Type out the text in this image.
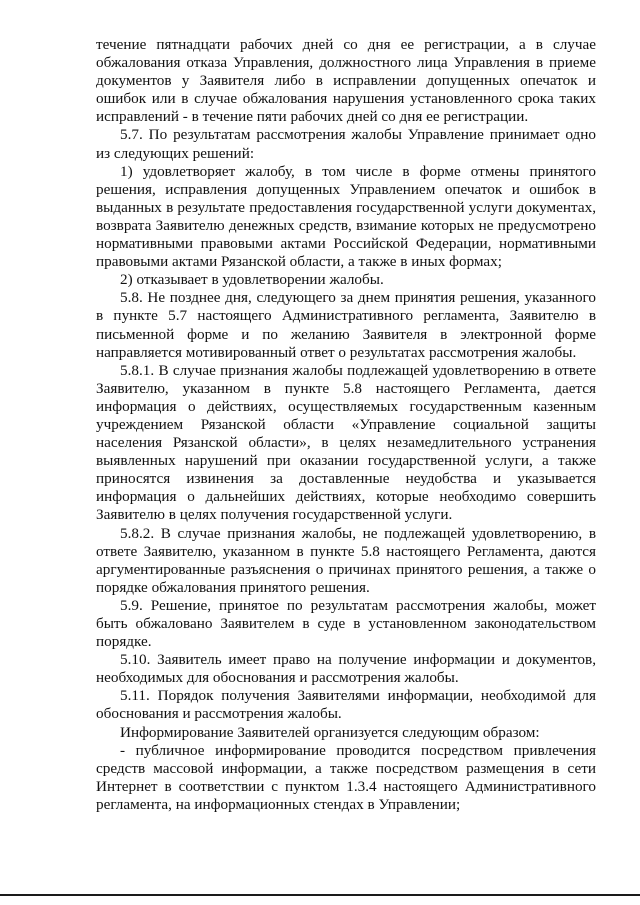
течение пятнадцати рабочих дней со дня ее регистрации, а в случае обжалования отказа Управления, должностного лица Управления в приеме документов у Заявителя либо в исправлении допущенных опечаток и ошибок или в случае обжалования нарушения установленного срока таких исправлений - в течение пяти рабочих дней со дня ее регистрации.

5.7. По результатам рассмотрения жалобы Управление принимает одно из следующих решений:

1) удовлетворяет жалобу, в том числе в форме отмены принятого решения, исправления допущенных Управлением опечаток и ошибок в выданных в результате предоставления государственной услуги документах, возврата Заявителю денежных средств, взимание которых не предусмотрено нормативными правовыми актами Российской Федерации, нормативными правовыми актами Рязанской области, а также в иных формах;

2) отказывает в удовлетворении жалобы.

5.8. Не позднее дня, следующего за днем принятия решения, указанного в пункте 5.7 настоящего Административного регламента, Заявителю в письменной форме и по желанию Заявителя в электронной форме направляется мотивированный ответ о результатах рассмотрения жалобы.

5.8.1. В случае признания жалобы подлежащей удовлетворению в ответе Заявителю, указанном в пункте 5.8 настоящего Регламента, дается информация о действиях, осуществляемых государственным казенным учреждением Рязанской области «Управление социальной защиты населения Рязанской области», в целях незамедлительного устранения выявленных нарушений при оказании государственной услуги, а также приносятся извинения за доставленные неудобства и указывается информация о дальнейших действиях, которые необходимо совершить Заявителю в целях получения государственной услуги.

5.8.2. В случае признания жалобы, не подлежащей удовлетворению, в ответе Заявителю, указанном в пункте 5.8 настоящего Регламента, даются аргументированные разъяснения о причинах принятого решения, а также о порядке обжалования принятого решения.

5.9. Решение, принятое по результатам рассмотрения жалобы, может быть обжаловано Заявителем в суде в установленном законодательством порядке.

5.10. Заявитель имеет право на получение информации и документов, необходимых для обоснования и рассмотрения жалобы.

5.11. Порядок получения Заявителями информации, необходимой для обоснования и рассмотрения жалобы.

Информирование Заявителей организуется следующим образом:

- публичное информирование проводится посредством привлечения средств массовой информации, а также посредством размещения в сети Интернет в соответствии с пунктом 1.3.4 настоящего Административного регламента, на информационных стендах в Управлении;
